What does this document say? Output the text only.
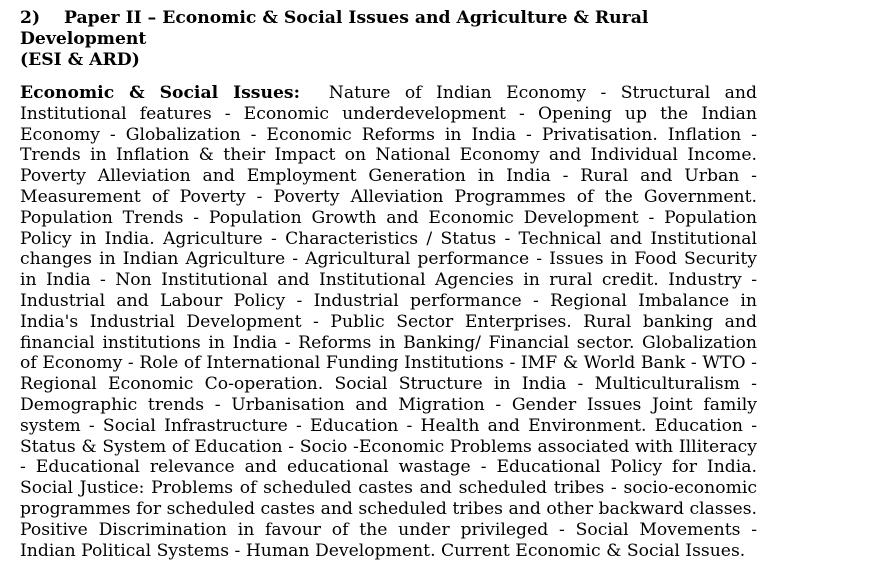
2) Paper II – Economic & Social Issues and Agriculture & Rural Development
(ESI & ARD)

Economic & Social Issues: Nature of Indian Economy - Structural and Institutional features - Economic underdevelopment - Opening up the Indian Economy - Globalization - Economic Reforms in India - Privatisation. Inflation - Trends in Inflation & their Impact on National Economy and Individual Income. Poverty Alleviation and Employment Generation in India - Rural and Urban - Measurement of Poverty - Poverty Alleviation Programmes of the Government. Population Trends - Population Growth and Economic Development - Population Policy in India. Agriculture - Characteristics / Status - Technical and Institutional changes in Indian Agriculture - Agricultural performance - Issues in Food Security in India - Non Institutional and Institutional Agencies in rural credit. Industry - Industrial and Labour Policy - Industrial performance - Regional Imbalance in India's Industrial Development - Public Sector Enterprises. Rural banking and financial institutions in India - Reforms in Banking/ Financial sector. Globalization of Economy - Role of International Funding Institutions - IMF & World Bank - WTO - Regional Economic Co-operation. Social Structure in India - Multiculturalism - Demographic trends - Urbanisation and Migration - Gender Issues Joint family system - Social Infrastructure - Education - Health and Environment. Education - Status & System of Education - Socio -Economic Problems associated with Illiteracy - Educational relevance and educational wastage - Educational Policy for India. Social Justice: Problems of scheduled castes and scheduled tribes - socio-economic programmes for scheduled castes and scheduled tribes and other backward classes. Positive Discrimination in favour of the under privileged - Social Movements - Indian Political Systems - Human Development. Current Economic & Social Issues.
